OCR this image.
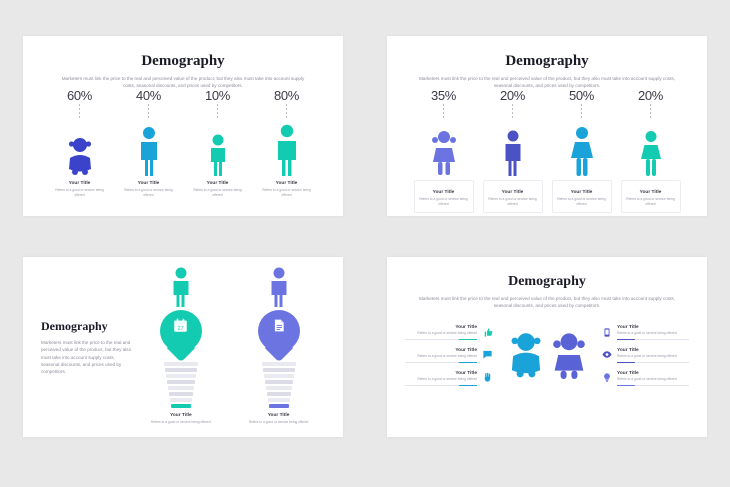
Demography
Marketers must link the price to the real and perceived value of the product, but they also must take into account supply costs, seasonal discounts, and prices used by competitors.
60%
Your Title
Refers to a good or service being offered
40%
Your Title
Refers to a good or service being offered
10%
Your Title
Refers to a good or service being offered
80%
Your Title
Refers to a good or service being offered
Demography
Marketers must link the price to the real and perceived value of the product, but they also must take into account supply costs, seasonal discounts, and prices used by competitors.
35%
Your Title
Refers to a good or service being offered
20%
Your Title
Refers to a good or service being offered
50%
Your Title
Refers to a good or service being offered
20%
Your Title
Refers to a good or service being offered
Demography
Marketers must link the price to the real and perceived value of the product, but they also must take into account supply costs, seasonal discounts, and prices used by competitors.
27
Your Title
Refers to a good or service being offered
Your Title
Refers to a good or service being offered
Demography
Marketers must link the price to the real and perceived value of the product, but they also must take into account supply costs, seasonal discounts, and prices used by competitors.
Your Title
Refers to a good or service being offered
Your Title
Refers to a good or service being offered
Your Title
Refers to a good or service being offered
Your Title
Refers to a good or service being offered
Your Title
Refers to a good or service being offered
Your Title
Refers to a good or service being offered
